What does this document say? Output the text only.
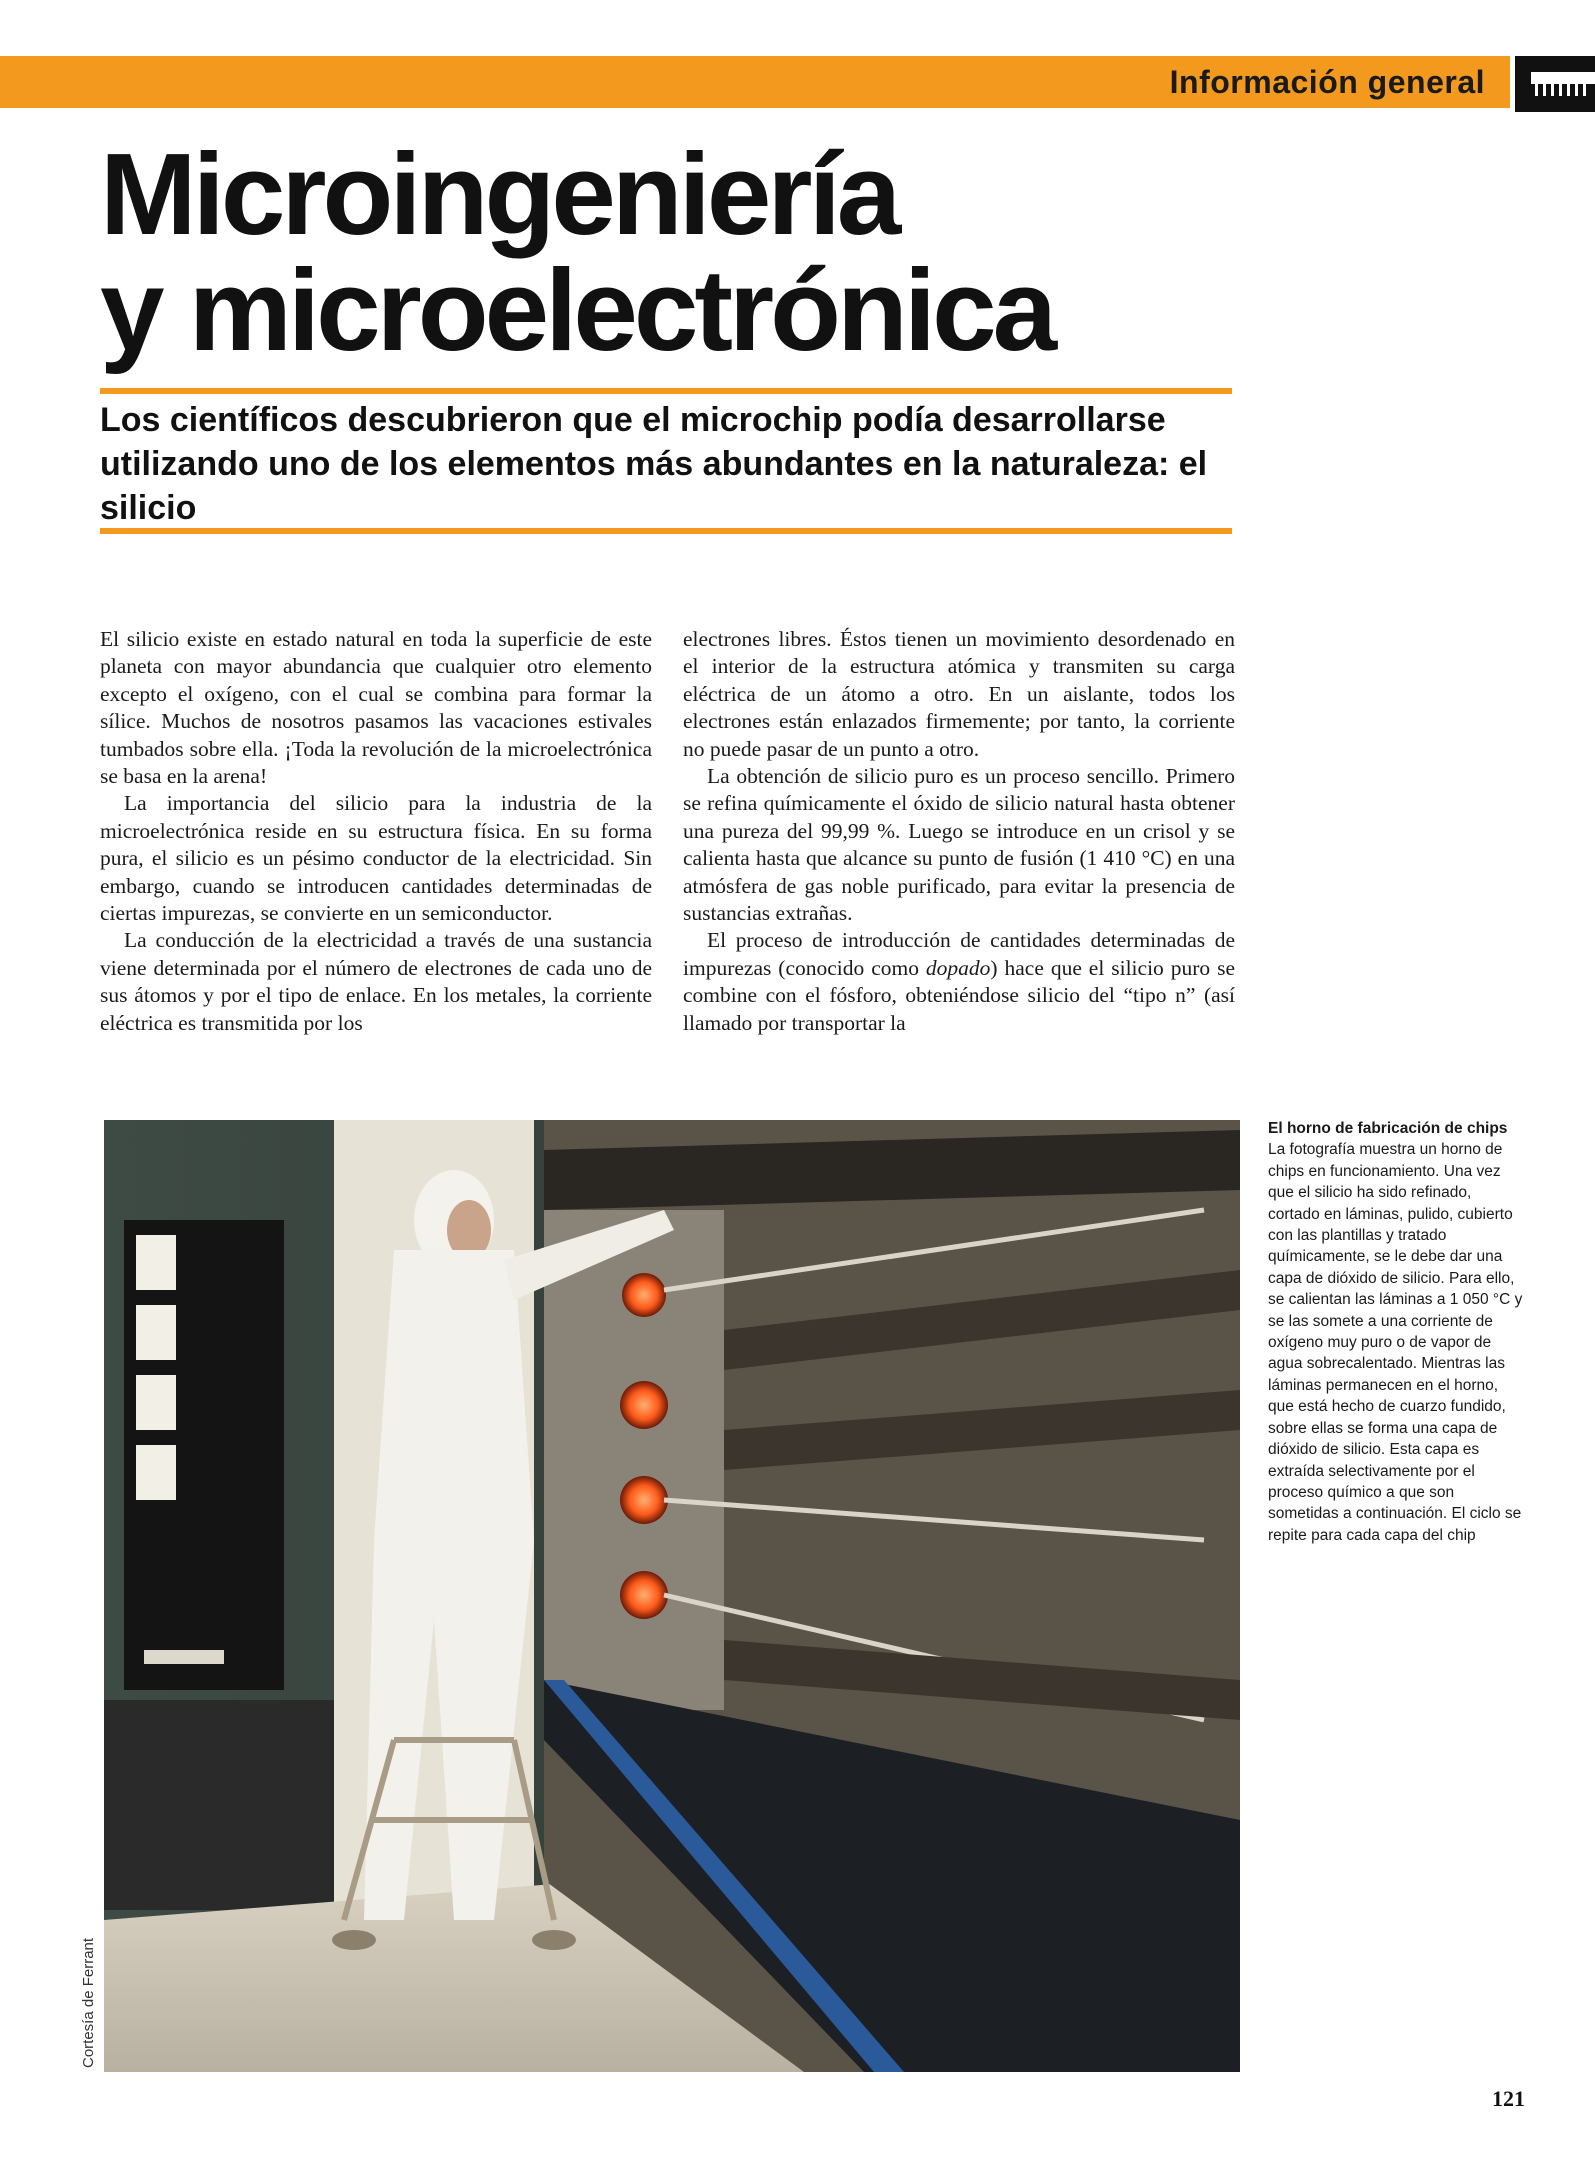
Información general
Microingeniería
y microelectrónica

Los científicos descubrieron que el microchip podía desarrollarse utilizando uno de los elementos más abundantes en la naturaleza: el silicio

El silicio existe en estado natural en toda la superficie de este planeta con mayor abundancia que cualquier otro elemento excepto el oxígeno, con el cual se combina para formar la sílice. Muchos de nosotros pasamos las vacaciones estivales tumbados sobre ella. ¡Toda la revolución de la microelectrónica se basa en la arena!

La importancia del silicio para la industria de la microelectrónica reside en su estructura física. En su forma pura, el silicio es un pésimo conductor de la electricidad. Sin embargo, cuando se introducen cantidades determinadas de ciertas impurezas, se convierte en un semiconductor.

La conducción de la electricidad a través de una sustancia viene determinada por el número de electrones de cada uno de sus átomos y por el tipo de enlace. En los metales, la corriente eléctrica es transmitida por los

electrones libres. Éstos tienen un movimiento desordenado en el interior de la estructura atómica y transmiten su carga eléctrica de un átomo a otro. En un aislante, todos los electrones están enlazados firmemente; por tanto, la corriente no puede pasar de un punto a otro.

La obtención de silicio puro es un proceso sencillo. Primero se refina químicamente el óxido de silicio natural hasta obtener una pureza del 99,99 %. Luego se introduce en un crisol y se calienta hasta que alcance su punto de fusión (1 410 °C) en una atmósfera de gas noble purificado, para evitar la presencia de sustancias extrañas.

El proceso de introducción de cantidades determinadas de impurezas (conocido como dopado) hace que el silicio puro se combine con el fósforo, obteniéndose silicio del “tipo n” (así llamado por transportar la

El horno de fabricación de chips
La fotografía muestra un horno de chips en funcionamiento. Una vez que el silicio ha sido refinado, cortado en láminas, pulido, cubierto con las plantillas y tratado químicamente, se le debe dar una capa de dióxido de silicio. Para ello, se calientan las láminas a 1 050 °C y se las somete a una corriente de oxígeno muy puro o de vapor de agua sobrecalentado. Mientras las láminas permanecen en el horno, que está hecho de cuarzo fundido, sobre ellas se forma una capa de dióxido de silicio. Esta capa es extraída selectivamente por el proceso químico a que son sometidas a continuación. El ciclo se repite para cada capa del chip
Cortesía de Ferrant
121
